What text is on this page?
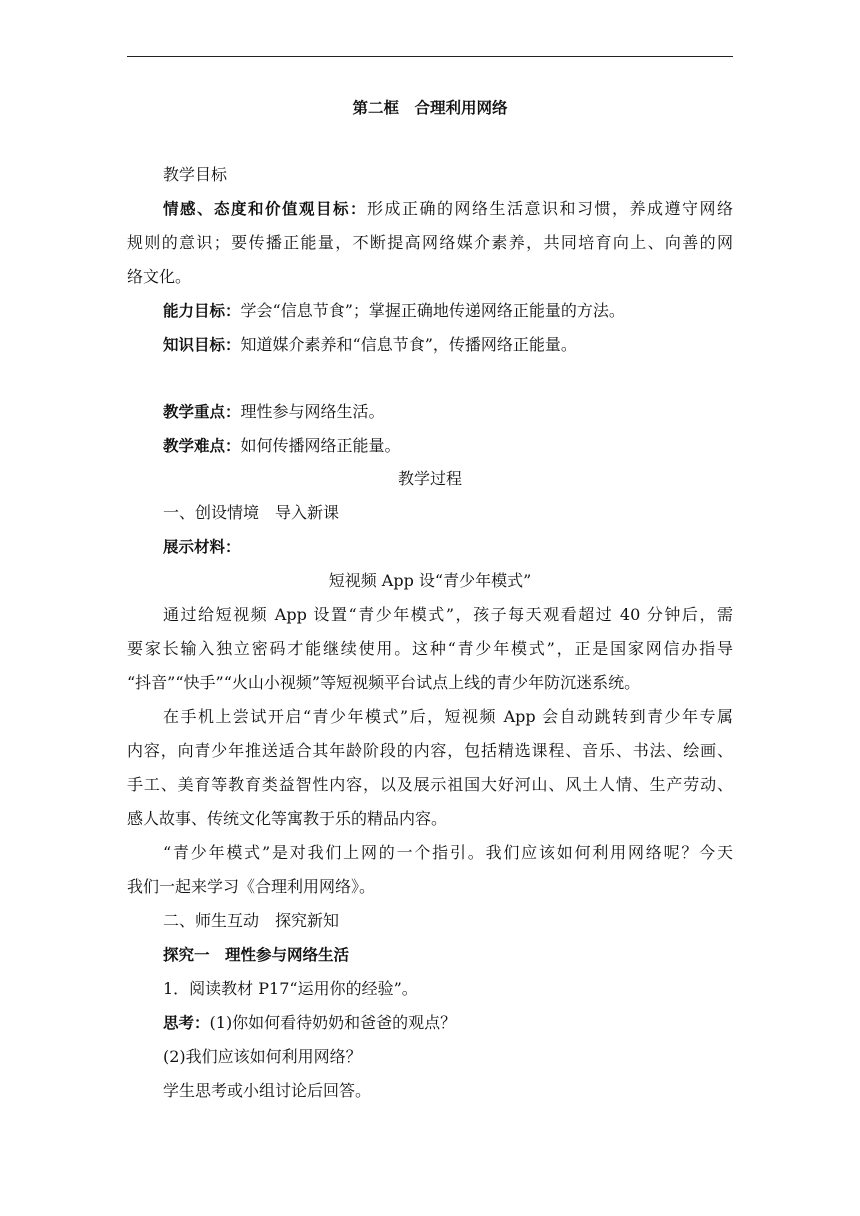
第二框　合理利用网络
教学目标
情感、态度和价值观目标：形成正确的网络生活意识和习惯，养成遵守网络
规则的意识；要传播正能量，不断提高网络媒介素养，共同培育向上、向善的网
络文化。
能力目标：学会“信息节食”；掌握正确地传递网络正能量的方法。
知识目标：知道媒介素养和“信息节食”，传播网络正能量。
教学重点：理性参与网络生活。
教学难点：如何传播网络正能量。
教学过程
一、创设情境　导入新课
展示材料：
短视频 App 设“青少年模式”
通过给短视频 App 设置“青少年模式”，孩子每天观看超过 40 分钟后，需
要家长输入独立密码才能继续使用。这种“青少年模式”，正是国家网信办指导
“抖音”“快手”“火山小视频”等短视频平台试点上线的青少年防沉迷系统。
在手机上尝试开启“青少年模式”后，短视频 App 会自动跳转到青少年专属
内容，向青少年推送适合其年龄阶段的内容，包括精选课程、音乐、书法、绘画、
手工、美育等教育类益智性内容，以及展示祖国大好河山、风土人情、生产劳动、
感人故事、传统文化等寓教于乐的精品内容。
“青少年模式”是对我们上网的一个指引。我们应该如何利用网络呢？今天
我们一起来学习《合理利用网络》。
二、师生互动　探究新知
探究一　理性参与网络生活
1．阅读教材 P17“运用你的经验”。
思考：(1)你如何看待奶奶和爸爸的观点？
(2)我们应该如何利用网络？
学生思考或小组讨论后回答。
